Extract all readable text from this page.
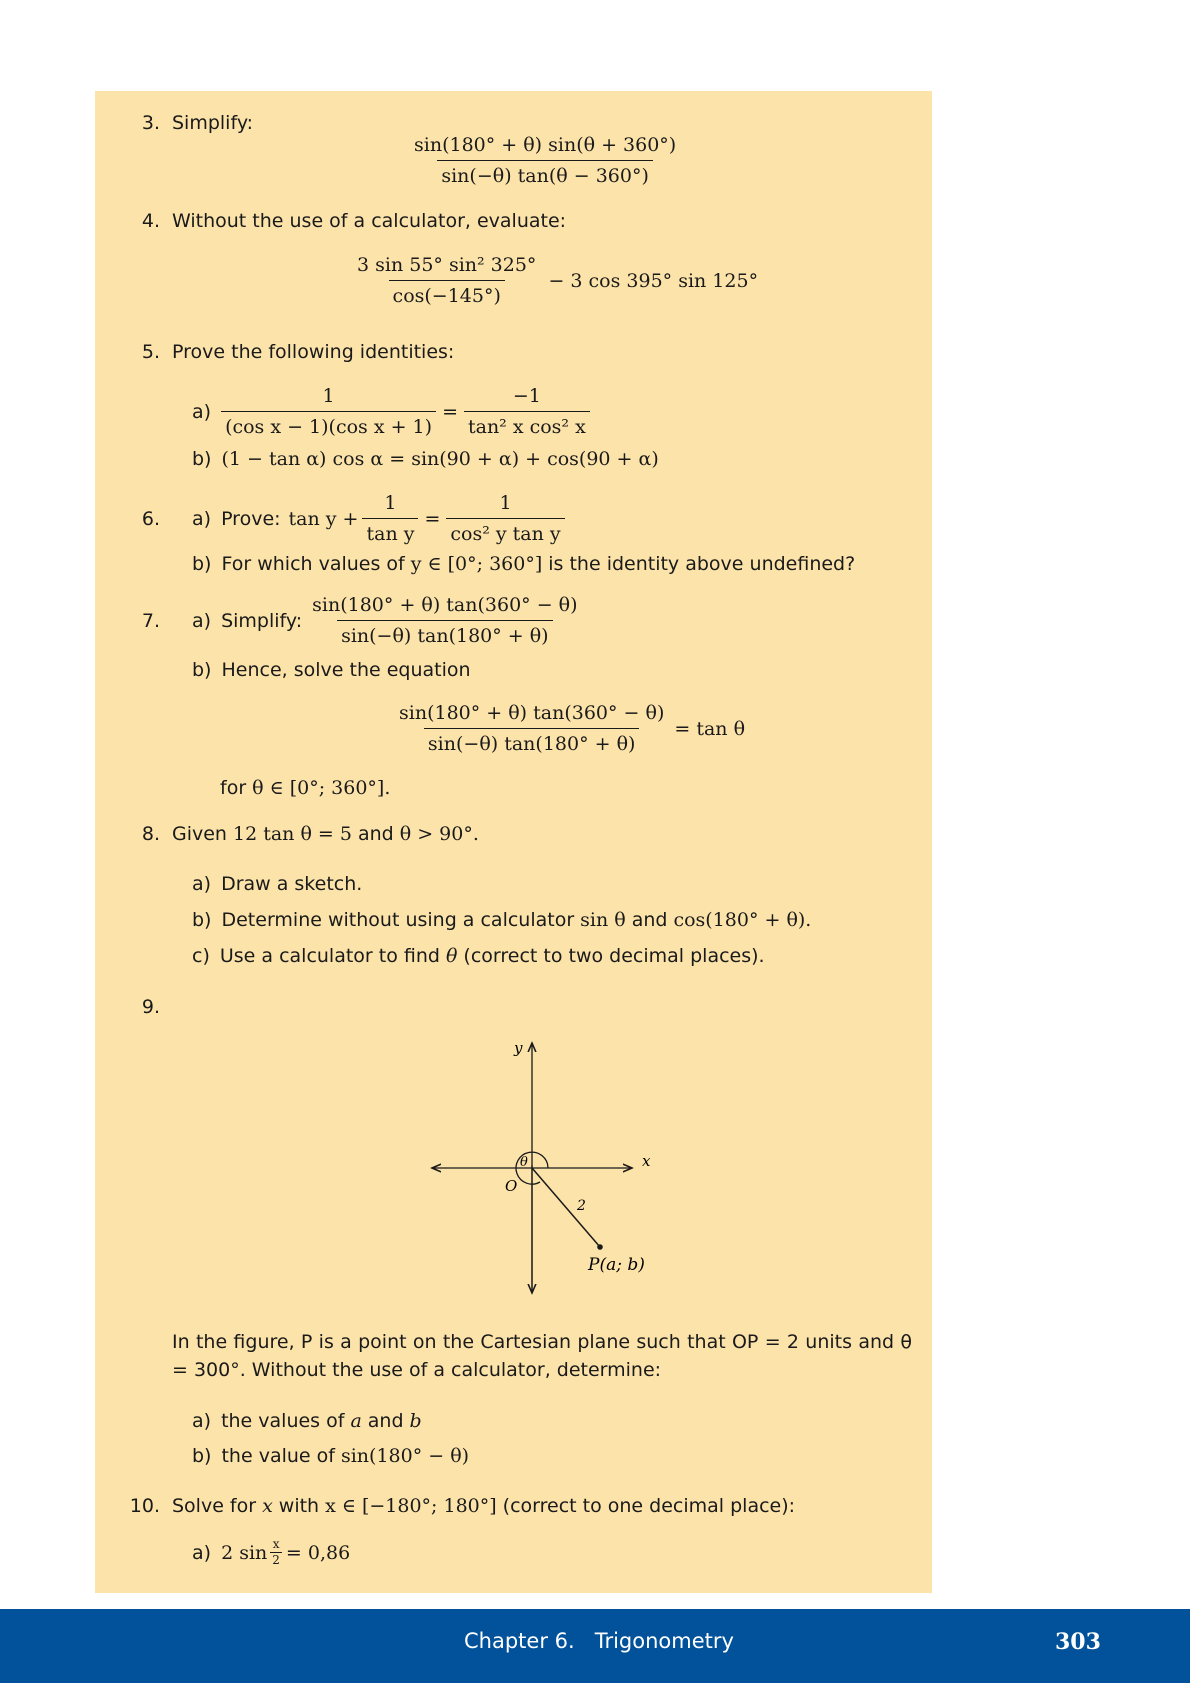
3. Simplify:
$\frac{\sin(180^\circ + \theta) \sin(\theta + 360^\circ)}{\sin(-\theta) \tan(\theta - 360^\circ)}$
4. Without the use of a calculator, evaluate:
$\frac{\text{3 sin 55° sin² 325°}}{\cos(-145^\circ)} - 3$ cos 395° sin 125°
5. Prove the following identities:
$a) \frac{1}{\text{(cos x − 1)(cos x + 1)}} = \frac{-1}{\text{tan² x cos² x}}$
b) (1 − tan α) cos α = sin(90 + α) + cos(90 + α)
6. a) Prove: $\tan y + \frac{1}{\text{tan y}} = \frac{1}{\text{cos² y tan y}}$
b) For which values of y ∈ [0°; 360°] is the identity above undefined?
7. a) Simplify: $\frac{\sin(180^\circ + \theta) \tan(360^\circ - \theta)}{\sin(-\theta) \tan(180^\circ + \theta)}$
b) Hence, solve the equation
$\frac{\sin(180^\circ + \theta) \tan(360^\circ - \theta)}{\sin(-\theta) \tan(180^\circ + \theta)} = \tan \theta$
for θ ∈ [0°; 360°].
8. Given 12 tan θ = 5 and θ > 90°.
a) Draw a sketch.
b) Determine without using a calculator sin θ and cos(180° + θ).
c) Use a calculator to find θ (correct to two decimal places).
9.
y
x
O
θ
2
P(a; b)
In the figure, P is a point on the Cartesian plane such that OP = 2 units and θ = 300°. Without the use of a calculator, determine:
a) the values of a and b
b) the value of sin(180° − θ)
10. Solve for x with x ∈ [−180°; 180°] (correct to one decimal place):
a) 2 $\sin \frac{x}{2} = 0,86$
Chapter 6.   Trigonometry	303
